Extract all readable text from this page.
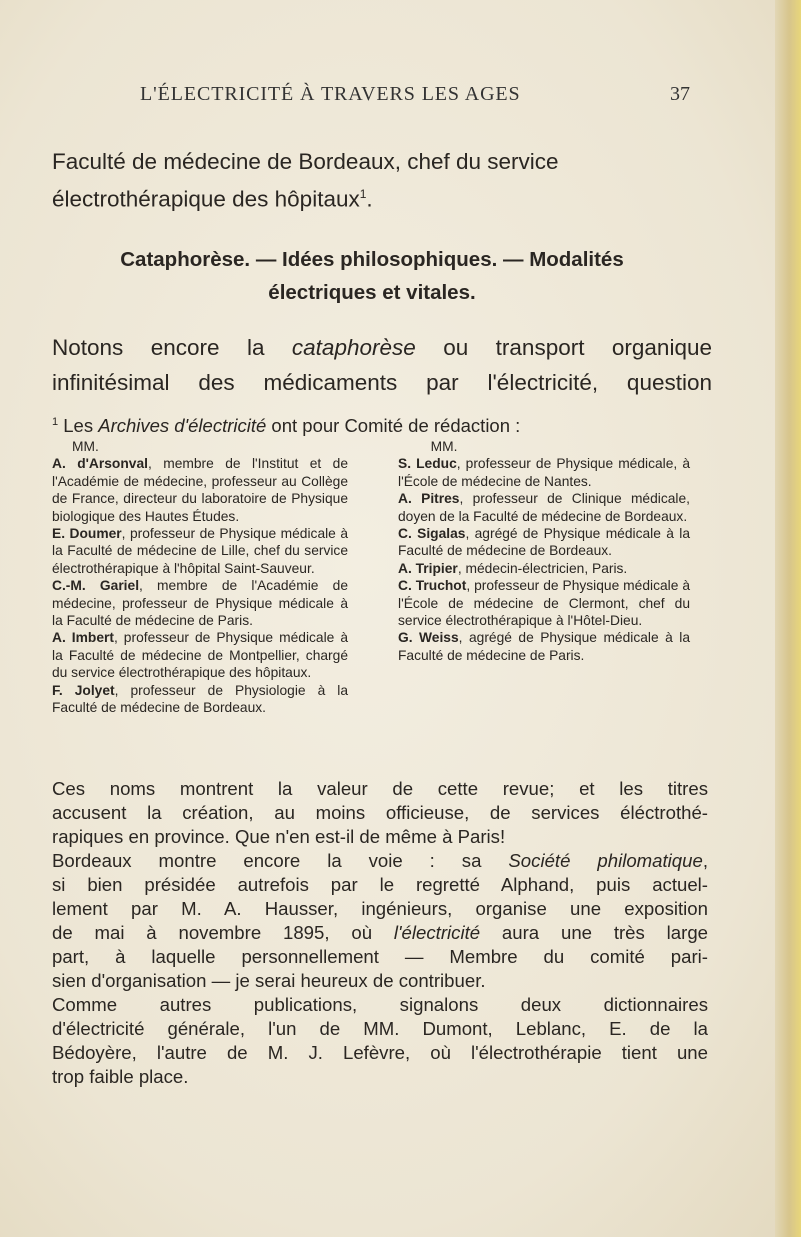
L'ÉLECTRICITÉ À TRAVERS LES AGES	37
Faculté de médecine de Bordeaux, chef du service
électrothérapique des hôpitaux$^1$.
Cataphorèse. — Idées philosophiques. — Modalités
électriques et vitales.
Notons encore la cataphorèse ou transport organique
infinitésimal des médicaments par l'électricité, question
$^1$ Les Archives d'électricité ont pour Comité de rédaction :
MM.

A. d'Arsonval, membre de l'Institut et de l'Académie de médecine, professeur au Collège de France, directeur du laboratoire de Physique biologique des Hautes Études.

E. Doumer, professeur de Physique médicale à la Faculté de médecine de Lille, chef du service électrothérapique à l'hôpital Saint-Sauveur.

C.-M. Gariel, membre de l'Académie de médecine, professeur de Physique médicale à la Faculté de médecine de Paris.

A. Imbert, professeur de Physique médicale à la Faculté de médecine de Montpellier, chargé du service électrothérapique des hôpitaux.

F. Jolyet, professeur de Physiologie à la Faculté de médecine de Bordeaux.

MM.

S. Leduc, professeur de Physique médicale, à l'École de médecine de Nantes.

A. Pitres, professeur de Clinique médicale, doyen de la Faculté de médecine de Bordeaux.

C. Sigalas, agrégé de Physique médicale à la Faculté de médecine de Bordeaux.

A. Tripier, médecin-électricien, Paris.

C. Truchot, professeur de Physique médicale à l'École de médecine de Clermont, chef du service électrothérapique à l'Hôtel-Dieu.

G. Weiss, agrégé de Physique médicale à la Faculté de médecine de Paris.

Ces noms montrent la valeur de cette revue; et les titres
accusent la création, au moins officieuse, de services éléctrothé-
rapiques en province. Que n'en est-il de même à Paris!
Bordeaux montre encore la voie : sa Société philomatique,
si bien présidée autrefois par le regretté Alphand, puis actuel-
lement par M. A. Hausser, ingénieurs, organise une exposition
de mai à novembre 1895, où l'électricité aura une très large
part, à laquelle personnellement — Membre du comité pari-
sien d'organisation — je serai heureux de contribuer.
Comme autres publications, signalons deux dictionnaires
d'électricité générale, l'un de MM. Dumont, Leblanc, E. de la
Bédoyère, l'autre de M. J. Lefèvre, où l'électrothérapie tient une
trop faible place.
